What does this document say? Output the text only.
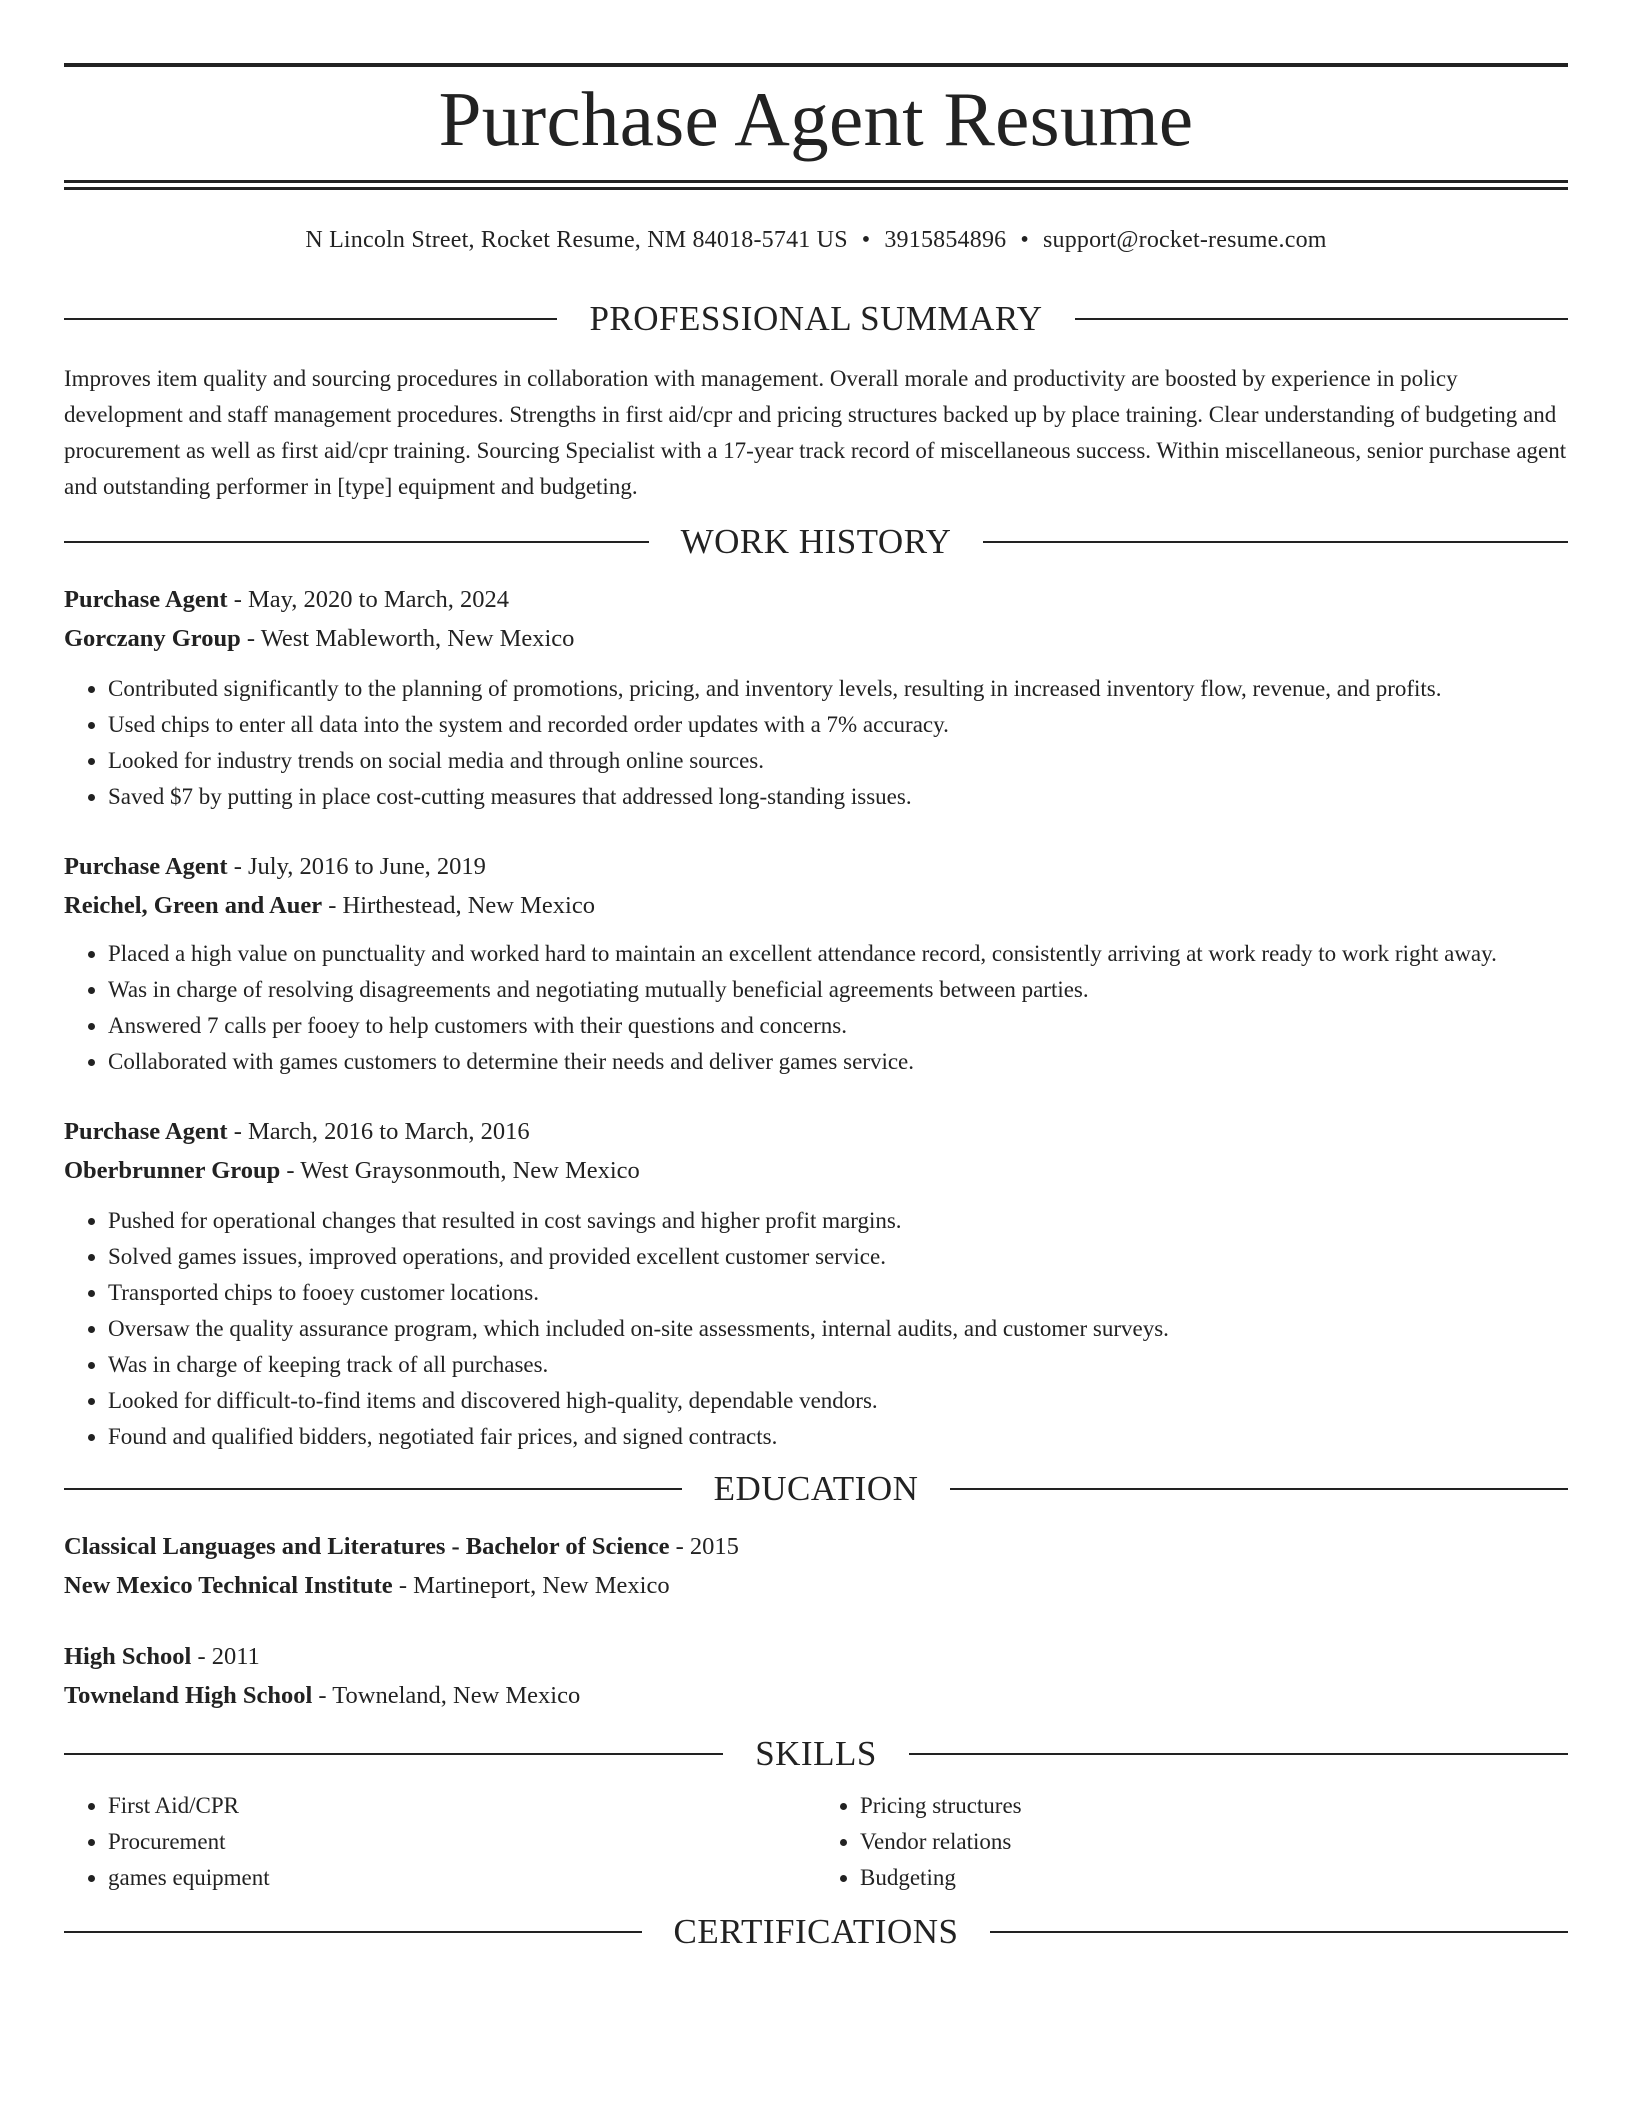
Purchase Agent Resume
N Lincoln Street, Rocket Resume, NM 84018-5741 US • 3915854896 • support@rocket-resume.com
PROFESSIONAL SUMMARY
Improves item quality and sourcing procedures in collaboration with management. Overall morale and productivity are boosted by experience in policy development and staff management procedures. Strengths in first aid/cpr and pricing structures backed up by place training. Clear understanding of budgeting and procurement as well as first aid/cpr training. Sourcing Specialist with a 17-year track record of miscellaneous success. Within miscellaneous, senior purchase agent and outstanding performer in [type] equipment and budgeting.
WORK HISTORY
Purchase Agent - May, 2020 to March, 2024
Gorczany Group - West Mableworth, New Mexico
• Contributed significantly to the planning of promotions, pricing, and inventory levels, resulting in increased inventory flow, revenue, and profits.
• Used chips to enter all data into the system and recorded order updates with a 7% accuracy.
• Looked for industry trends on social media and through online sources.
• Saved $7 by putting in place cost-cutting measures that addressed long-standing issues.
Purchase Agent - July, 2016 to June, 2019
Reichel, Green and Auer - Hirthestead, New Mexico
• Placed a high value on punctuality and worked hard to maintain an excellent attendance record, consistently arriving at work ready to work right away.
• Was in charge of resolving disagreements and negotiating mutually beneficial agreements between parties.
• Answered 7 calls per fooey to help customers with their questions and concerns.
• Collaborated with games customers to determine their needs and deliver games service.
Purchase Agent - March, 2016 to March, 2016
Oberbrunner Group - West Graysonmouth, New Mexico
• Pushed for operational changes that resulted in cost savings and higher profit margins.
• Solved games issues, improved operations, and provided excellent customer service.
• Transported chips to fooey customer locations.
• Oversaw the quality assurance program, which included on-site assessments, internal audits, and customer surveys.
• Was in charge of keeping track of all purchases.
• Looked for difficult-to-find items and discovered high-quality, dependable vendors.
• Found and qualified bidders, negotiated fair prices, and signed contracts.
EDUCATION
Classical Languages and Literatures - Bachelor of Science - 2015
New Mexico Technical Institute - Martineport, New Mexico
High School - 2011
Towneland High School - Towneland, New Mexico
SKILLS
• First Aid/CPR
• Procurement
• games equipment
• Pricing structures
• Vendor relations
• Budgeting
CERTIFICATIONS
